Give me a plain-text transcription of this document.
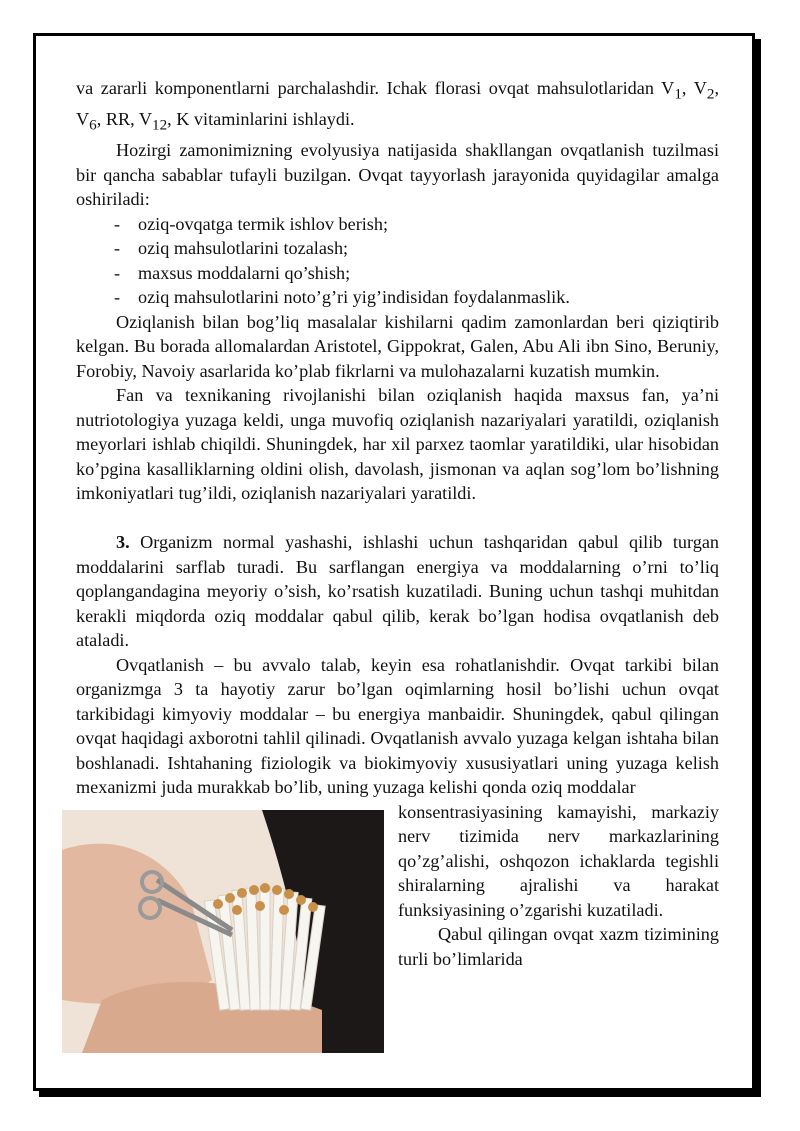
va zararli komponentlarni parchalashdir. Ichak florasi ovqat mahsulotlaridan $V_1$, $V_2$, $V_6$, RR, $V_{12}$, K vitaminlarini ishlaydi.

Hozirgi zamonimizning evolyusiya natijasida shakllangan ovqatlanish tuzilmasi bir qancha sabablar tufayli buzilgan. Ovqat tayyorlash jarayonida quyidagilar amalga oshiriladi:

- oziq-ovqatga termik ishlov berish;
- oziq mahsulotlarini tozalash;
- maxsus moddalarni qo’shish;
- oziq mahsulotlarini noto’g’ri yig’indisidan foydalanmaslik.

Oziqlanish bilan bog’liq masalalar kishilarni qadim zamonlardan beri qiziqtirib kelgan. Bu borada allomalardan Aristotel, Gippokrat, Galen, Abu Ali ibn Sino, Beruniy, Forobiy, Navoiy asarlarida ko’plab fikrlarni va mulohazalarni kuzatish mumkin.

Fan va texnikaning rivojlanishi bilan oziqlanish haqida maxsus fan, ya’ni nutriotologiya yuzaga keldi, unga muvofiq oziqlanish nazariyalari yaratildi, oziqlanish meyorlari ishlab chiqildi. Shuningdek, har xil parxez taomlar yaratildiki, ular hisobidan ko’pgina kasalliklarning oldini olish, davolash, jismonan va aqlan sog’lom bo’lishning imkoniyatlari tug’ildi, oziqlanish nazariyalari yaratildi.

3. Organizm normal yashashi, ishlashi uchun tashqaridan qabul qilib turgan moddalarini sarflab turadi. Bu sarflangan energiya va moddalarning o’rni to’liq qoplangandagina meyoriy o’sish, ko’rsatish kuzatiladi. Buning uchun tashqi muhitdan kerakli miqdorda oziq moddalar qabul qilib, kerak bo’lgan hodisa ovqatlanish deb ataladi.

Ovqatlanish – bu avvalo talab, keyin esa rohatlanishdir. Ovqat tarkibi bilan organizmga 3 ta hayotiy zarur bo’lgan oqimlarning hosil bo’lishi uchun ovqat tarkibidagi kimyoviy moddalar – bu energiya manbaidir. Shuningdek, qabul qilingan ovqat haqidagi axborotni tahlil qilinadi. Ovqatlanish avvalo yuzaga kelgan ishtaha bilan boshlanadi. Ishtahaning fiziologik va biokimyoviy xususiyatlari uning yuzaga kelish mexanizmi juda murakkab bo’lib, uning yuzaga kelishi qonda oziq moddalar

konsentrasiyasining kamayishi, markaziy nerv tizimida nerv markazlarining qo’zg’alishi, oshqozon ichaklarda tegishli shiralarning ajralishi va harakat funksiyasining o’zgarishi kuzatiladi.

Qabul qilingan ovqat xazm tizimining turli bo’limlarida
